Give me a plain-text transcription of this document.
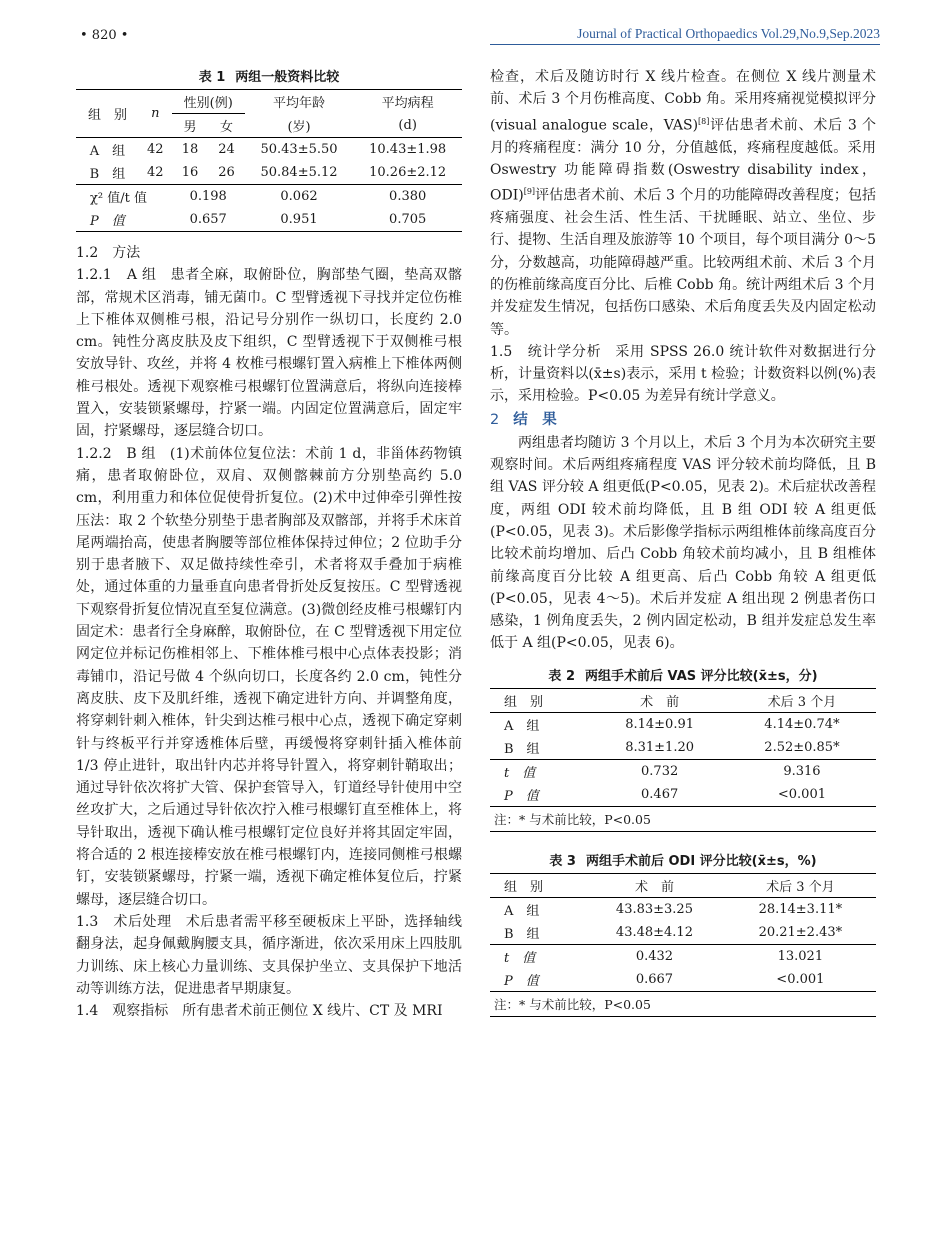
• 820 •	Journal of Practical Orthopaedics Vol.29,No.9,Sep.2023
表 1 两组一般资料比较
组　别	n	性别(例)		平均年龄	平均病程
		男	女	(岁)	(d)
A　组	42	18	24	50.43±5.50	10.43±1.98
B　组	42	16	26	50.84±5.12	10.26±2.12
χ² 值/t 值		0.198		0.062	0.380
P　值		0.657		0.951	0.705

1.2　方法

1.2.1　A 组 患者全麻，取俯卧位，胸部垫气圈，垫高双髂部，常规术区消毒，铺无菌巾。C 型臂透视下寻找并定位伤椎上下椎体双侧椎弓根，沿记号分别作一纵切口，长度约 2.0 cm。钝性分离皮肤及皮下组织，C 型臂透视下于双侧椎弓根安放导针、攻丝，并将 4 枚椎弓根螺钉置入病椎上下椎体两侧椎弓根处。透视下观察椎弓根螺钉位置满意后，将纵向连接棒置入，安装锁紧螺母，拧紧一端。内固定位置满意后，固定牢固，拧紧螺母，逐层缝合切口。

1.2.2　B 组 (1)术前体位复位法：术前 1 d，非甾体药物镇痛，患者取俯卧位，双肩、双侧髂棘前方分别垫高约 5.0 cm，利用重力和体位促使骨折复位。(2)术中过伸牵引弹性按压法：取 2 个软垫分别垫于患者胸部及双髂部，并将手术床首尾两端抬高，使患者胸腰等部位椎体保持过伸位；2 位助手分别于患者腋下、双足做持续性牵引，术者将双手叠加于病椎处，通过体重的力量垂直向患者骨折处反复按压。C 型臂透视下观察骨折复位情况直至复位满意。(3)微创经皮椎弓根螺钉内固定术：患者行全身麻醉，取俯卧位，在 C 型臂透视下用定位网定位并标记伤椎相邻上、下椎体椎弓根中心点体表投影；消毒铺巾，沿记号做 4 个纵向切口，长度各约 2.0 cm，钝性分离皮肤、皮下及肌纤维，透视下确定进针方向、并调整角度，将穿刺针刺入椎体，针尖到达椎弓根中心点，透视下确定穿刺针与终板平行并穿透椎体后壁，再缓慢将穿刺针插入椎体前 1/3 停止进针，取出针内芯并将导针置入，将穿刺针鞘取出；通过导针依次将扩大管、保护套管导入，钉道经导针使用中空丝攻扩大，之后通过导针依次拧入椎弓根螺钉直至椎体上，将导针取出，透视下确认椎弓根螺钉定位良好并将其固定牢固，将合适的 2 根连接棒安放在椎弓根螺钉内，连接同侧椎弓根螺钉，安装锁紧螺母，拧紧一端，透视下确定椎体复位后，拧紧螺母，逐层缝合切口。

1.3　术后处理 术后患者需平移至硬板床上平卧，选择轴线翻身法，起身佩戴胸腰支具，循序渐进，依次采用床上四肢肌力训练、床上核心力量训练、支具保护坐立、支具保护下地活动等训练方法，促进患者早期康复。

1.4　观察指标 所有患者术前正侧位 X 线片、CT 及 MRI

检查，术后及随访时行 X 线片检查。在侧位 X 线片测量术前、术后 3 个月伤椎高度、Cobb 角。采用疼痛视觉模拟评分(visual analogue scale，VAS)[8]评估患者术前、术后 3 个月的疼痛程度：满分 10 分，分值越低，疼痛程度越低。采用 Oswestry 功能障碍指数(Oswestry disability index，ODI)[9]评估患者术前、术后 3 个月的功能障碍改善程度；包括疼痛强度、社会生活、性生活、干扰睡眠、站立、坐位、步行、提物、生活自理及旅游等 10 个项目，每个项目满分 0～5 分，分数越高，功能障碍越严重。比较两组术前、术后 3 个月的伤椎前缘高度百分比、后椎 Cobb 角。统计两组术后 3 个月并发症发生情况，包括伤口感染、术后角度丢失及内固定松动等。

1.5　统计学分析 采用 SPSS 26.0 统计软件对数据进行分析，计量资料以(x̄±s)表示，采用 t 检验；计数资料以例(%)表示，采用检验。P<0.05 为差异有统计学意义。

2 结　果

两组患者均随访 3 个月以上，术后 3 个月为本次研究主要观察时间。术后两组疼痛程度 VAS 评分较术前均降低，且 B 组 VAS 评分较 A 组更低(P<0.05，见表 2)。术后症状改善程度，两组 ODI 较术前均降低，且 B 组 ODI 较 A 组更低(P<0.05，见表 3)。术后影像学指标示两组椎体前缘高度百分比较术前均增加、后凸 Cobb 角较术前均减小，且 B 组椎体前缘高度百分比较 A 组更高、后凸 Cobb 角较 A 组更低(P<0.05，见表 4～5)。术后并发症 A 组出现 2 例患者伤口感染，1 例角度丢失，2 例内固定松动，B 组并发症总发生率低于 A 组(P<0.05，见表 6)。

表 2 两组手术前后 VAS 评分比较(x̄±s，分)
组　别	术　前	术后 3 个月
A　组	8.14±0.91	4.14±0.74*
B　组	8.31±1.20	2.52±0.85*
t　值	0.732	9.316
P　值	0.467	<0.001
注：* 与术前比较，P<0.05		
表 3 两组手术前后 ODI 评分比较(x̄±s，%)
组　别	术　前	术后 3 个月
A　组	43.83±3.25	28.14±3.11*
B　组	43.48±4.12	20.21±2.43*
t　值	0.432	13.021
P　值	0.667	<0.001
注：* 与术前比较，P<0.05		
